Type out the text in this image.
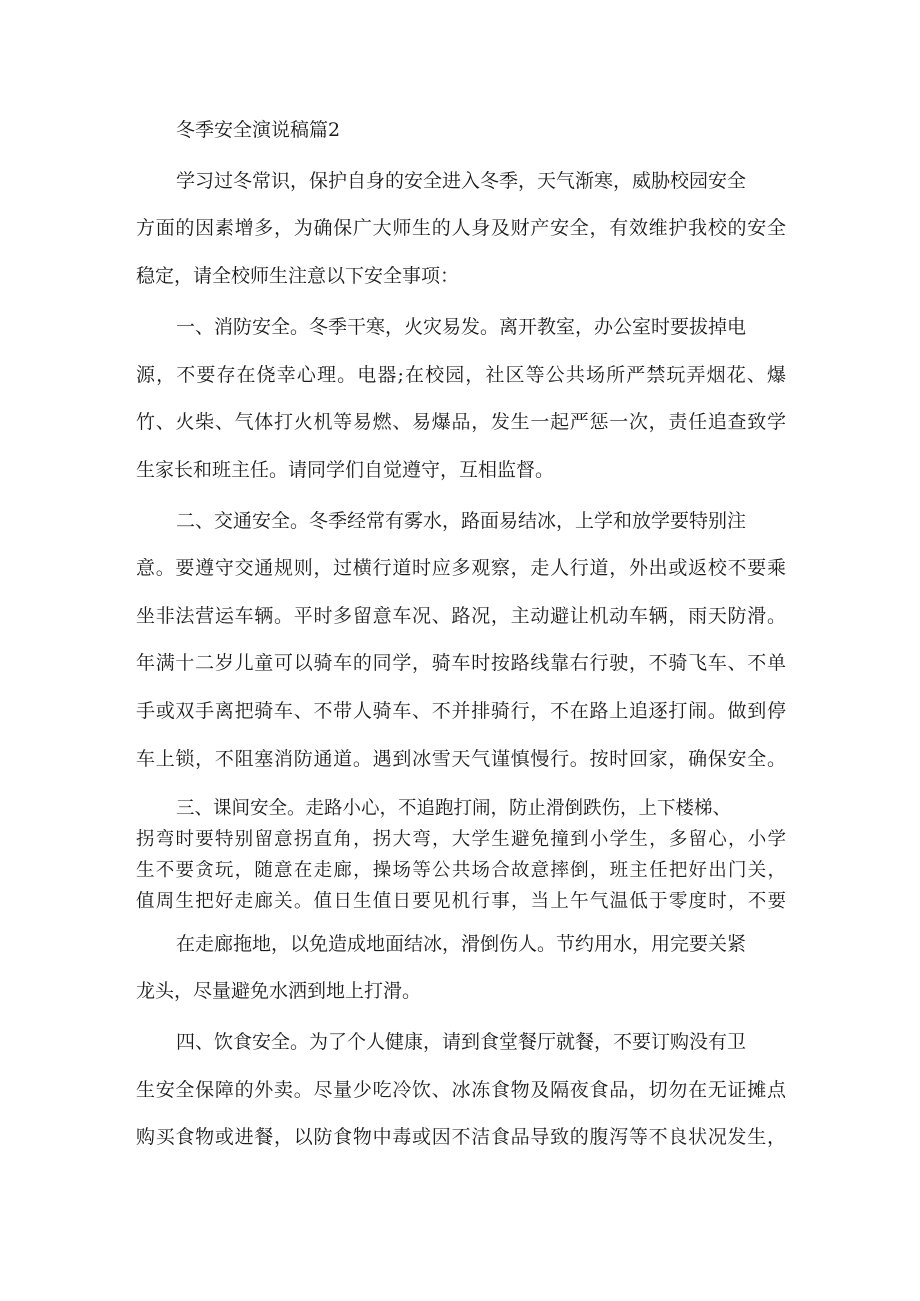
冬季安全演说稿篇2

学习过冬常识，保护自身的安全进入冬季，天气渐寒，威胁校园安全

方面的因素增多，为确保广大师生的人身及财产安全，有效维护我校的安全

稳定，请全校师生注意以下安全事项：

一、消防安全。冬季干寒，火灾易发。离开教室，办公室时要拔掉电

源，不要存在侥幸心理。电器;在校园，社区等公共场所严禁玩弄烟花、爆

竹、火柴、气体打火机等易燃、易爆品，发生一起严惩一次，责任追查致学

生家长和班主任。请同学们自觉遵守，互相监督。

二、交通安全。冬季经常有雾水，路面易结冰，上学和放学要特别注

意。要遵守交通规则，过横行道时应多观察，走人行道，外出或返校不要乘

坐非法营运车辆。平时多留意车况、路况，主动避让机动车辆，雨天防滑。

年满十二岁儿童可以骑车的同学，骑车时按路线靠右行驶，不骑飞车、不单

手或双手离把骑车、不带人骑车、不并排骑行，不在路上追逐打闹。做到停

车上锁，不阻塞消防通道。遇到冰雪天气谨慎慢行。按时回家，确保安全。

三、课间安全。走路小心，不追跑打闹，防止滑倒跌伤，上下楼梯、

拐弯时要特别留意拐直角，拐大弯，大学生避免撞到小学生，多留心，小学

生不要贪玩，随意在走廊，操场等公共场合故意摔倒，班主任把好出门关，

值周生把好走廊关。值日生值日要见机行事，当上午气温低于零度时，不要

在走廊拖地，以免造成地面结冰，滑倒伤人。节约用水，用完要关紧

龙头，尽量避免水洒到地上打滑。

四、饮食安全。为了个人健康，请到食堂餐厅就餐，不要订购没有卫

生安全保障的外卖。尽量少吃冷饮、冰冻食物及隔夜食品，切勿在无证摊点

购买食物或进餐，以防食物中毒或因不洁食品导致的腹泻等不良状况发生，
